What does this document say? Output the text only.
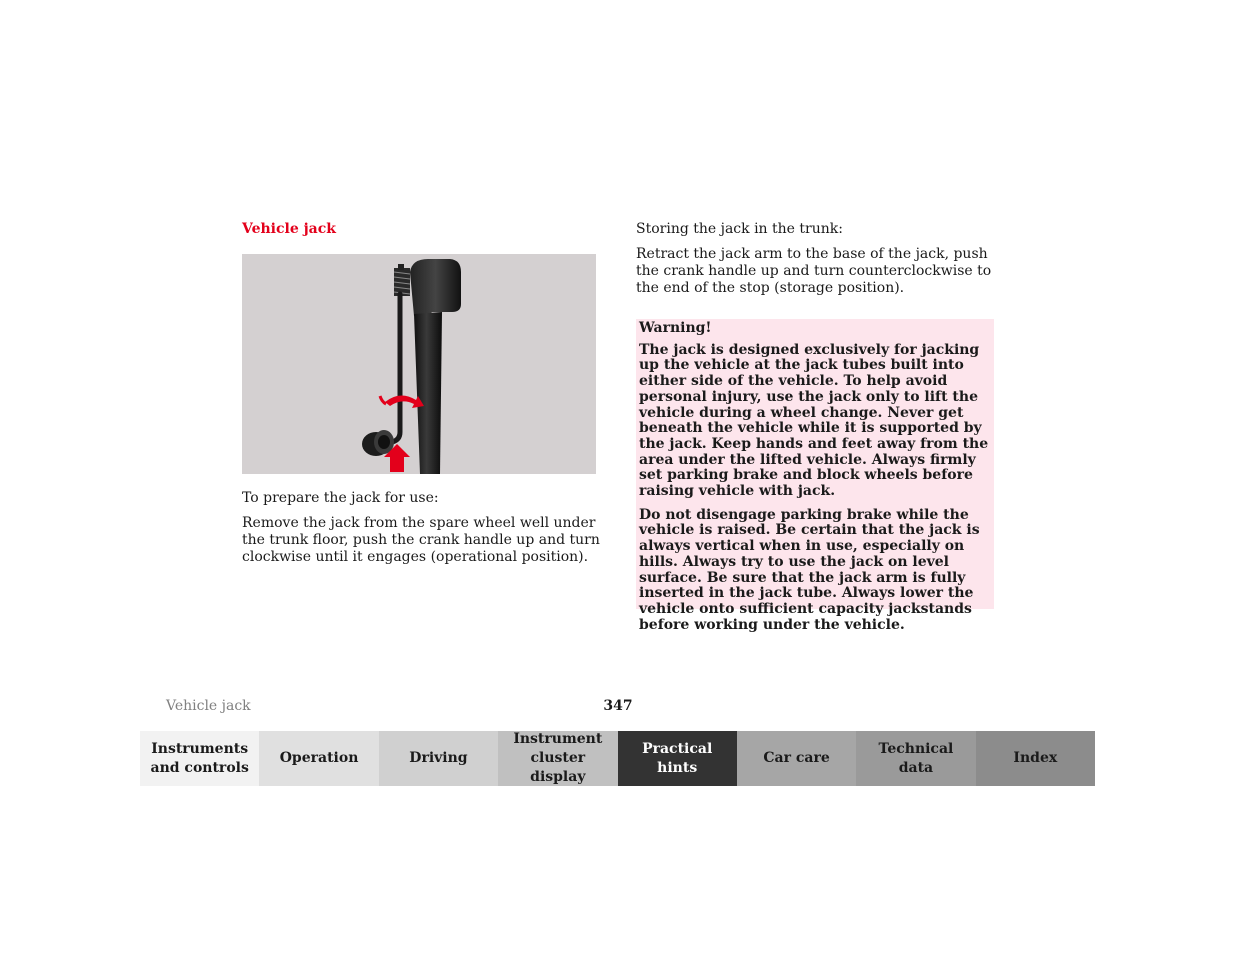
Vehicle jack

To prepare the jack for use:

Remove the jack from the spare wheel well under the trunk floor, push the crank handle up and turn clockwise until it engages (operational position).

Storing the jack in the trunk:

Retract the jack arm to the base of the jack, push the crank handle up and turn counterclockwise to the end of the stop (storage position).

Warning!

The jack is designed exclusively for jacking up the vehicle at the jack tubes built into either side of the vehicle. To help avoid personal injury, use the jack only to lift the vehicle during a wheel change. Never get beneath the vehicle while it is supported by the jack. Keep hands and feet away from the area under the lifted vehicle. Always firmly set parking brake and block wheels before raising vehicle with jack.

Do not disengage parking brake while the vehicle is raised. Be certain that the jack is always vertical when in use, especially on hills. Always try to use the jack on level surface. Be sure that the jack arm is fully inserted in the jack tube. Always lower the vehicle onto sufficient capacity jackstands before working under the vehicle.

Vehicle jack	347
Instruments
and controls
Operation	Driving
Instrument
cluster display
Practical hints
Car care
Technical
data
Index
